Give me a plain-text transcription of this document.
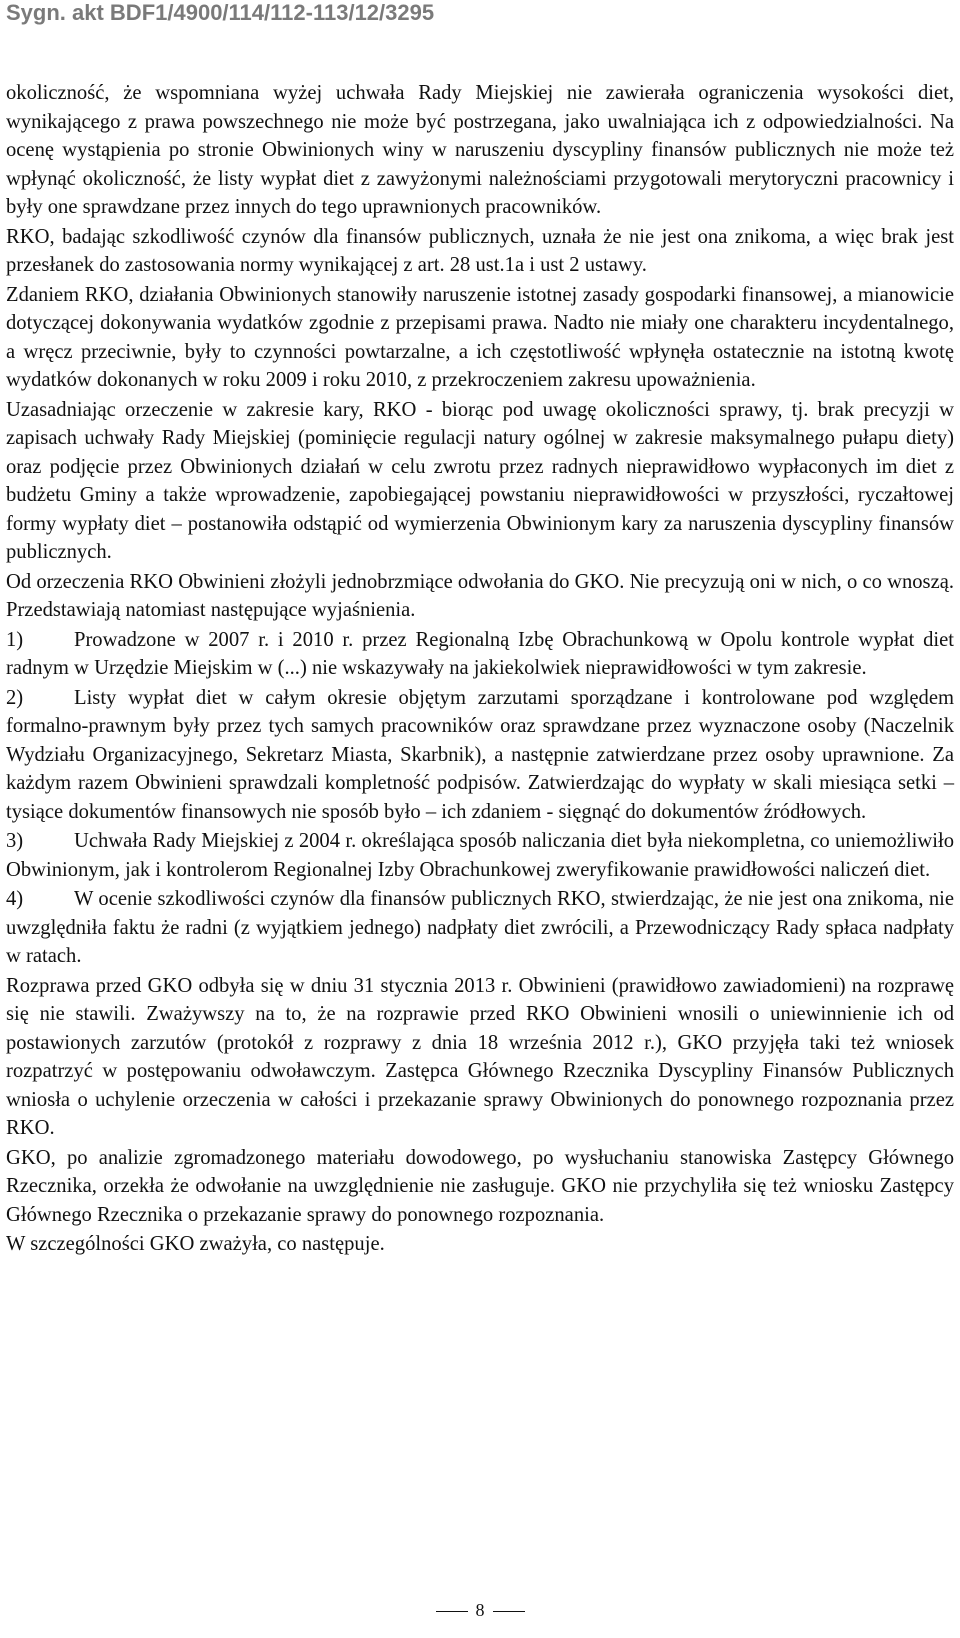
Sygn. akt BDF1/4900/114/112-113/12/3295

okoliczność, że wspomniana wyżej uchwała Rady Miejskiej nie zawierała ograniczenia wysokości diet, wynikającego z prawa powszechnego nie może być postrzegana, jako uwalniająca ich z odpowiedzialności. Na ocenę wystąpienia po stronie Obwinionych winy w naruszeniu dyscypliny finansów publicznych nie może też wpłynąć okoliczność, że listy wypłat diet z zawyżonymi należnościami przygotowali merytoryczni pracownicy i były one sprawdzane przez innych do tego uprawnionych pracowników.

RKO, badając szkodliwość czynów dla finansów publicznych, uznała że nie jest ona znikoma, a więc brak jest przesłanek do zastosowania normy wynikającej z art. 28 ust.1a i ust 2 ustawy.

Zdaniem RKO, działania Obwinionych stanowiły naruszenie istotnej zasady gospodarki finansowej, a mianowicie dotyczącej dokonywania wydatków zgodnie z przepisami prawa. Nadto nie miały one charakteru incydentalnego, a wręcz przeciwnie, były to czynności powtarzalne, a ich częstotliwość wpłynęła ostatecznie na istotną kwotę wydatków dokonanych w roku 2009 i roku 2010, z przekroczeniem zakresu upoważnienia.

Uzasadniając orzeczenie w zakresie kary, RKO - biorąc pod uwagę okoliczności sprawy, tj. brak precyzji w zapisach uchwały Rady Miejskiej (pominięcie regulacji natury ogólnej w zakresie maksymalnego pułapu diety) oraz podjęcie przez Obwinionych działań w celu zwrotu przez radnych nieprawidłowo wypłaconych im diet z budżetu Gminy a także wprowadzenie, zapobiegającej powstaniu nieprawidłowości w przyszłości, ryczałtowej formy wypłaty diet – postanowiła odstąpić od wymierzenia Obwinionym kary za naruszenia dyscypliny finansów publicznych.

Od orzeczenia RKO Obwinieni złożyli jednobrzmiące odwołania do GKO. Nie precyzują oni w nich, o co wnoszą. Przedstawiają natomiast następujące wyjaśnienia.

1) Prowadzone w 2007 r. i 2010 r. przez Regionalną Izbę Obrachunkową w Opolu kontrole wypłat diet radnym w Urzędzie Miejskim w (...) nie wskazywały na jakiekolwiek nieprawidłowości w tym zakresie.

2) Listy wypłat diet w całym okresie objętym zarzutami sporządzane i kontrolowane pod względem formalno-prawnym były przez tych samych pracowników oraz sprawdzane przez wyznaczone osoby (Naczelnik Wydziału Organizacyjnego, Sekretarz Miasta, Skarbnik), a następnie zatwierdzane przez osoby uprawnione. Za każdym razem Obwinieni sprawdzali kompletność podpisów. Zatwierdzając do wypłaty w skali miesiąca setki – tysiące dokumentów finansowych nie sposób było – ich zdaniem - sięgnąć do dokumentów źródłowych.

3) Uchwała Rady Miejskiej z 2004 r. określająca sposób naliczania diet była niekompletna, co uniemożliwiło Obwinionym, jak i kontrolerom Regionalnej Izby Obrachunkowej zweryfikowanie prawidłowości naliczeń diet.

4) W ocenie szkodliwości czynów dla finansów publicznych RKO, stwierdzając, że nie jest ona znikoma, nie uwzględniła faktu że radni (z wyjątkiem jednego) nadpłaty diet zwrócili, a Przewodniczący Rady spłaca nadpłaty w ratach.

Rozprawa przed GKO odbyła się w dniu 31 stycznia 2013 r. Obwinieni (prawidłowo zawiadomieni) na rozprawę się nie stawili. Zważywszy na to, że na rozprawie przed RKO Obwinieni wnosili o uniewinnienie ich od postawionych zarzutów (protokół z rozprawy z dnia 18 września 2012 r.), GKO przyjęła taki też wniosek rozpatrzyć w postępowaniu odwoławczym. Zastępca Głównego Rzecznika Dyscypliny Finansów Publicznych wniosła o uchylenie orzeczenia w całości i przekazanie sprawy Obwinionych do ponownego rozpoznania przez RKO.

GKO, po analizie zgromadzonego materiału dowodowego, po wysłuchaniu stanowiska Zastępcy Głównego Rzecznika, orzekła że odwołanie na uwzględnienie nie zasługuje. GKO nie przychyliła się też wniosku Zastępcy Głównego Rzecznika o przekazanie sprawy do ponownego rozpoznania.

W szczególności GKO zważyła, co następuje.

8
